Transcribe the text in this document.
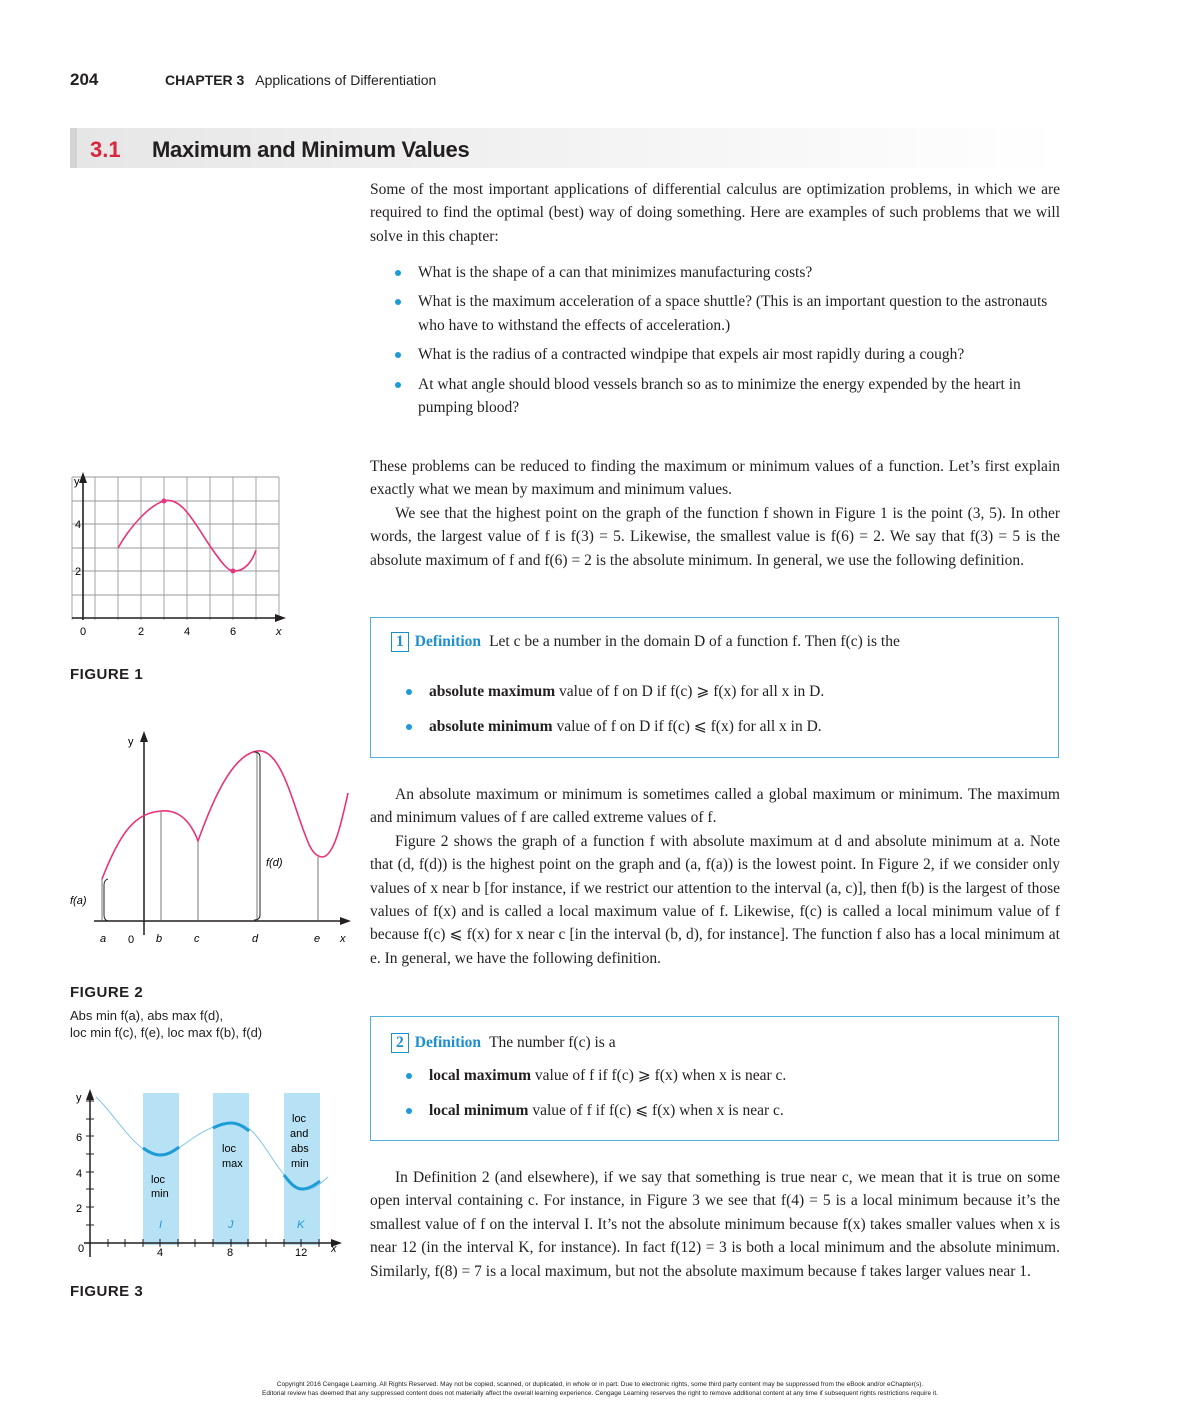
204	CHAPTER 3 Applications of Differentiation
3.1 Maximum and Minimum Values
Some of the most important applications of differential calculus are optimization problems, in which we are required to find the optimal (best) way of doing something. Here are examples of such problems that we will solve in this chapter:
What is the shape of a can that minimizes manufacturing costs?
What is the maximum acceleration of a space shuttle? (This is an important question to the astronauts who have to withstand the effects of acceleration.)
What is the radius of a contracted windpipe that expels air most rapidly during a cough?
At what angle should blood vessels branch so as to minimize the energy expended by the heart in pumping blood?

These problems can be reduced to finding the maximum or minimum values of a function. Let’s first explain exactly what we mean by maximum and minimum values.

We see that the highest point on the graph of the function f shown in Figure 1 is the point (3, 5). In other words, the largest value of f is f(3) = 5. Likewise, the smallest value is f(6) = 2. We say that f(3) = 5 is the absolute maximum of f and f(6) = 2 is the absolute minimum. In general, we use the following definition.

1 Definition Let c be a number in the domain D of a function f. Then f(c) is the
absolute maximum value of f on D if f(c) ⩾ f(x) for all x in D.
absolute minimum value of f on D if f(c) ⩽ f(x) for all x in D.

An absolute maximum or minimum is sometimes called a global maximum or minimum. The maximum and minimum values of f are called extreme values of f.

Figure 2 shows the graph of a function f with absolute maximum at d and absolute minimum at a. Note that (d, f(d)) is the highest point on the graph and (a, f(a)) is the lowest point. In Figure 2, if we consider only values of x near b [for instance, if we restrict our attention to the interval (a, c)], then f(b) is the largest of those values of f(x) and is called a local maximum value of f. Likewise, f(c) is called a local minimum value of f because f(c) ⩽ f(x) for x near c [in the interval (b, d), for instance]. The function f also has a local minimum at e. In general, we have the following definition.

2 Definition The number f(c) is a
local maximum value of f if f(c) ⩾ f(x) when x is near c.
local minimum value of f if f(c) ⩽ f(x) when x is near c.

In Definition 2 (and elsewhere), if we say that something is true near c, we mean that it is true on some open interval containing c. For instance, in Figure 3 we see that f(4) = 5 is a local minimum because it’s the smallest value of f on the interval I. It’s not the absolute minimum because f(x) takes smaller values when x is near 12 (in the interval K, for instance). In fact f(12) = 3 is both a local minimum and the absolute minimum. Similarly, f(8) = 7 is a local maximum, but not the absolute maximum because f takes larger values near 1.

y
x
0	2	4	6
2
4
FIGURE 1
y
x
0
a	b	c	d	e
f(a)
f(d)
FIGURE 2
Abs min f(a), abs max f(d),
loc min f(c), f(e), loc max f(b), f(d)
y
x
0	4	8	12
2
4
6
loc
min
loc
max
loc
and
abs
min
I	J	K
FIGURE 3
Copyright 2016 Cengage Learning. All Rights Reserved. May not be copied, scanned, or duplicated, in whole or in part. Due to electronic rights, some third party content may be suppressed from the eBook and/or eChapter(s).
Editorial review has deemed that any suppressed content does not materially affect the overall learning experience. Cengage Learning reserves the right to remove additional content at any time if subsequent rights restrictions require it.
